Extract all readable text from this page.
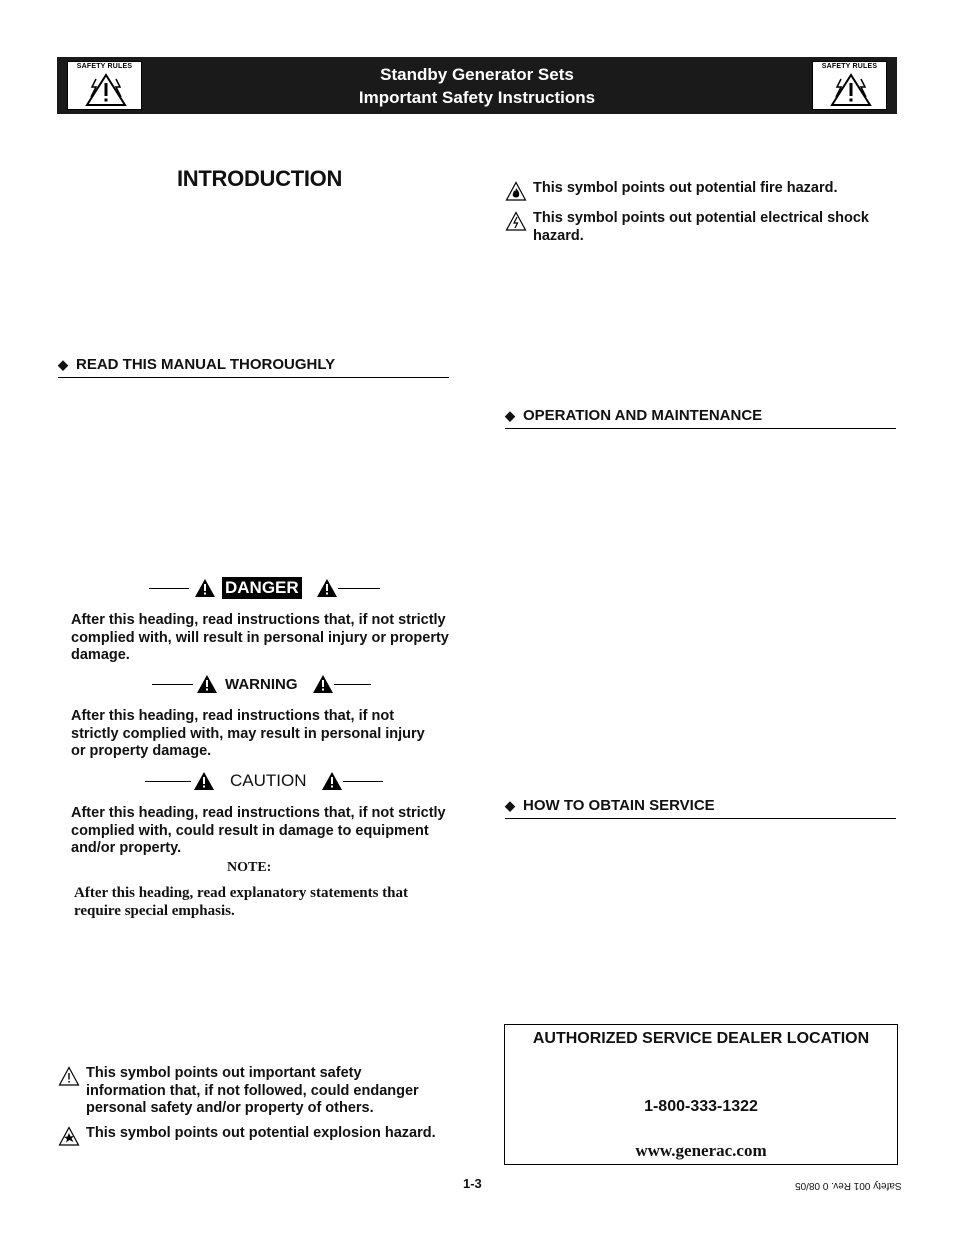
SAFETY RULES	Standby Generator Sets
Important Safety Instructions
SAFETY RULES
INTRODUCTION
◆ READ THIS MANUAL THOROUGHLY
DANGER
After this heading, read instructions that, if not strictly complied with, will result in personal injury or property damage.
WARNING
After this heading, read instructions that, if not strictly complied with, may result in personal injury or property damage.
CAUTION
After this heading, read instructions that, if not strictly complied with, could result in damage to equipment and/or property.
NOTE:
After this heading, read explanatory statements that require special emphasis.
This symbol points out important safety information that, if not followed, could endanger personal safety and/or property of others.
This symbol points out potential explosion hazard.
This symbol points out potential fire hazard.
This symbol points out potential electrical shock hazard.
◆ OPERATION AND MAINTENANCE
◆ HOW TO OBTAIN SERVICE
AUTHORIZED SERVICE DEALER LOCATION
1-800-333-1322
www.generac.com
1-3	Safety 001 Rev. 0 08/05
